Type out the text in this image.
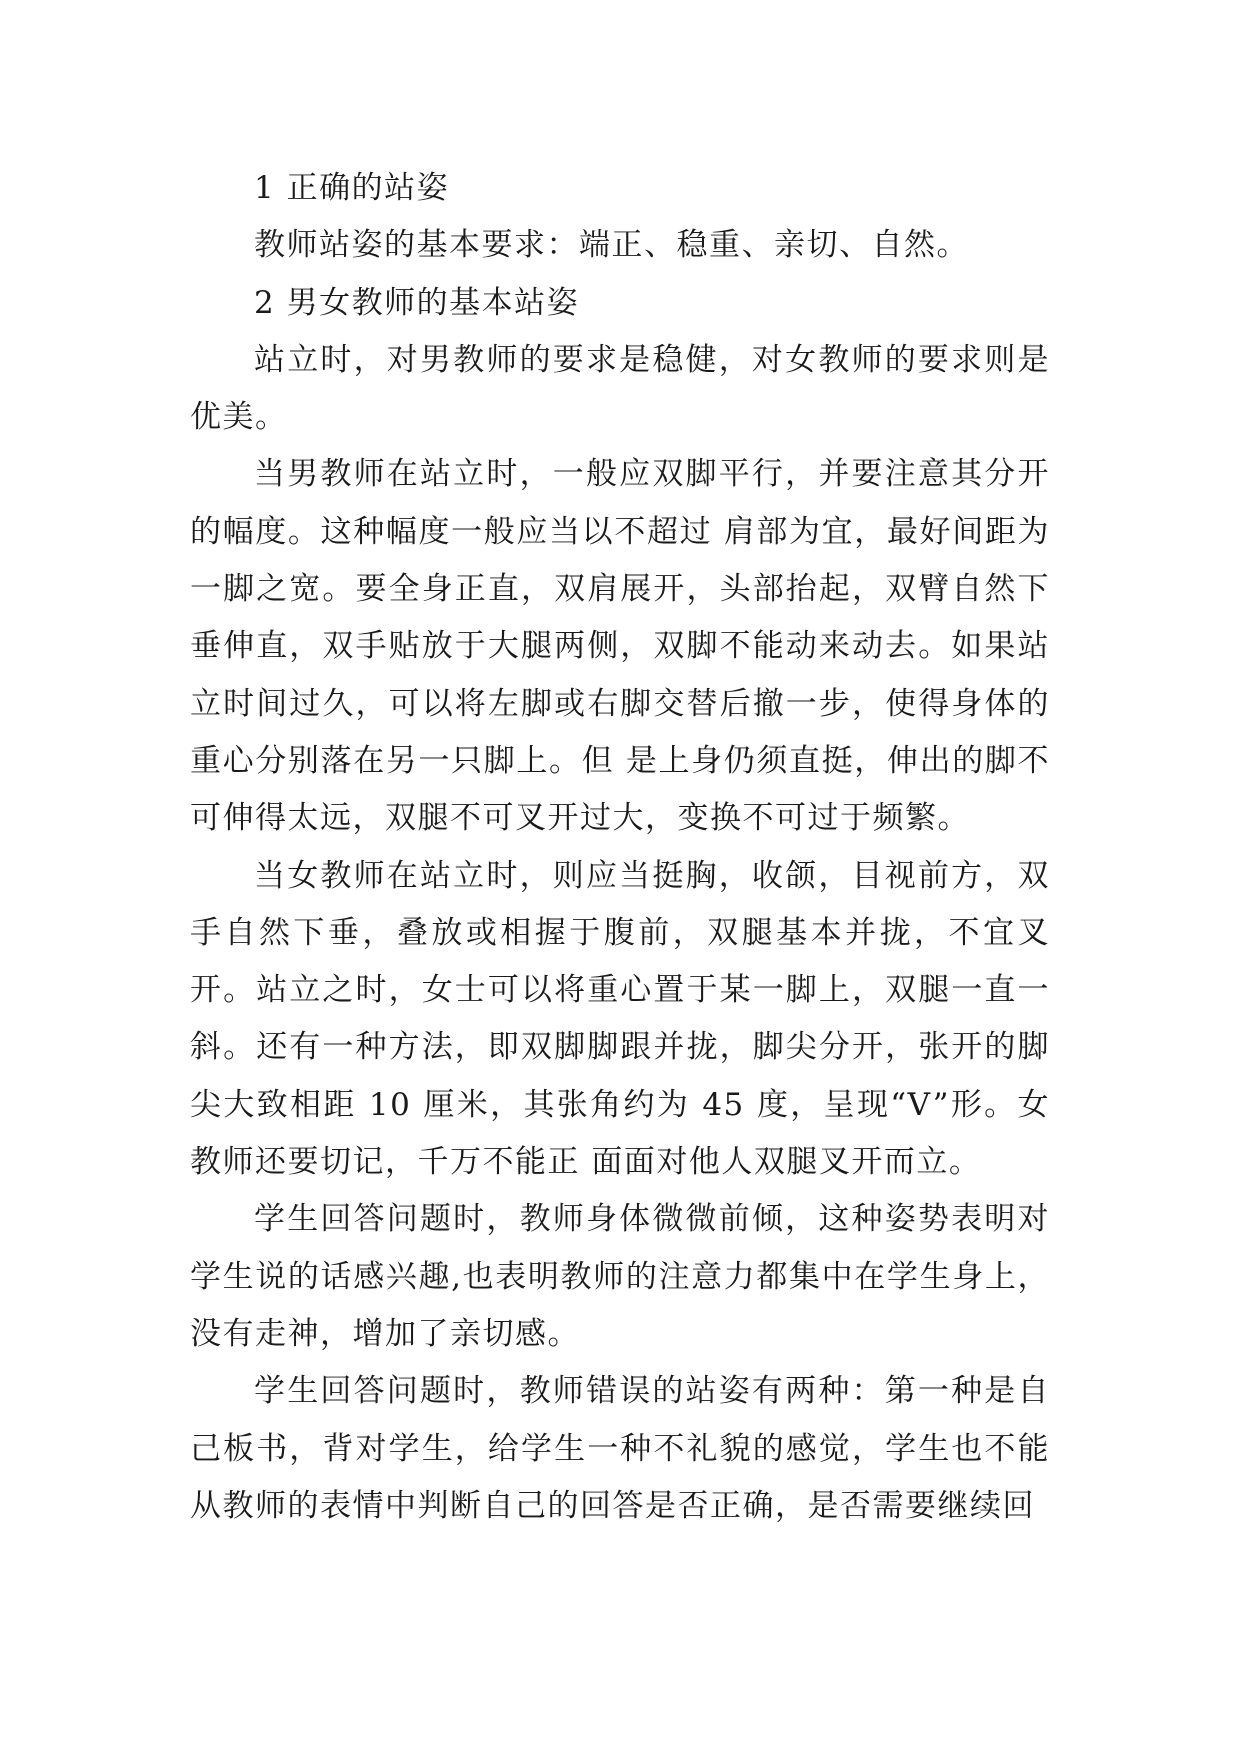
1 正确的站姿

教师站姿的基本要求：端正、稳重、亲切、自然。

2 男女教师的基本站姿

站立时，对男教师的要求是稳健，对女教师的要求则是优美。

当男教师在站立时，一般应双脚平行，并要注意其分开的幅度。这种幅度一般应当以不超过 肩部为宜，最好间距为一脚之宽。要全身正直，双肩展开，头部抬起，双臂自然下垂伸直，双手贴放于大腿两侧，双脚不能动来动去。如果站立时间过久，可以将左脚或右脚交替后撤一步，使得身体的重心分别落在另一只脚上。但 是上身仍须直挺，伸出的脚不可伸得太远，双腿不可叉开过大，变换不可过于频繁。

当女教师在站立时，则应当挺胸，收颌，目视前方，双手自然下垂，叠放或相握于腹前，双腿基本并拢，不宜叉开。站立之时，女士可以将重心置于某一脚上，双腿一直一斜。还有一种方法，即双脚脚跟并拢，脚尖分开，张开的脚尖大致相距 10 厘米，其张角约为 45 度，呈现“V”形。女教师还要切记，千万不能正 面面对他人双腿叉开而立。

学生回答问题时，教师身体微微前倾，这种姿势表明对学生说的话感兴趣,也表明教师的注意力都集中在学生身上，没有走神，增加了亲切感。

学生回答问题时，教师错误的站姿有两种：第一种是自己板书，背对学生，给学生一种不礼貌的感觉，学生也不能从教师的表情中判断自己的回答是否正确，是否需要继续回
